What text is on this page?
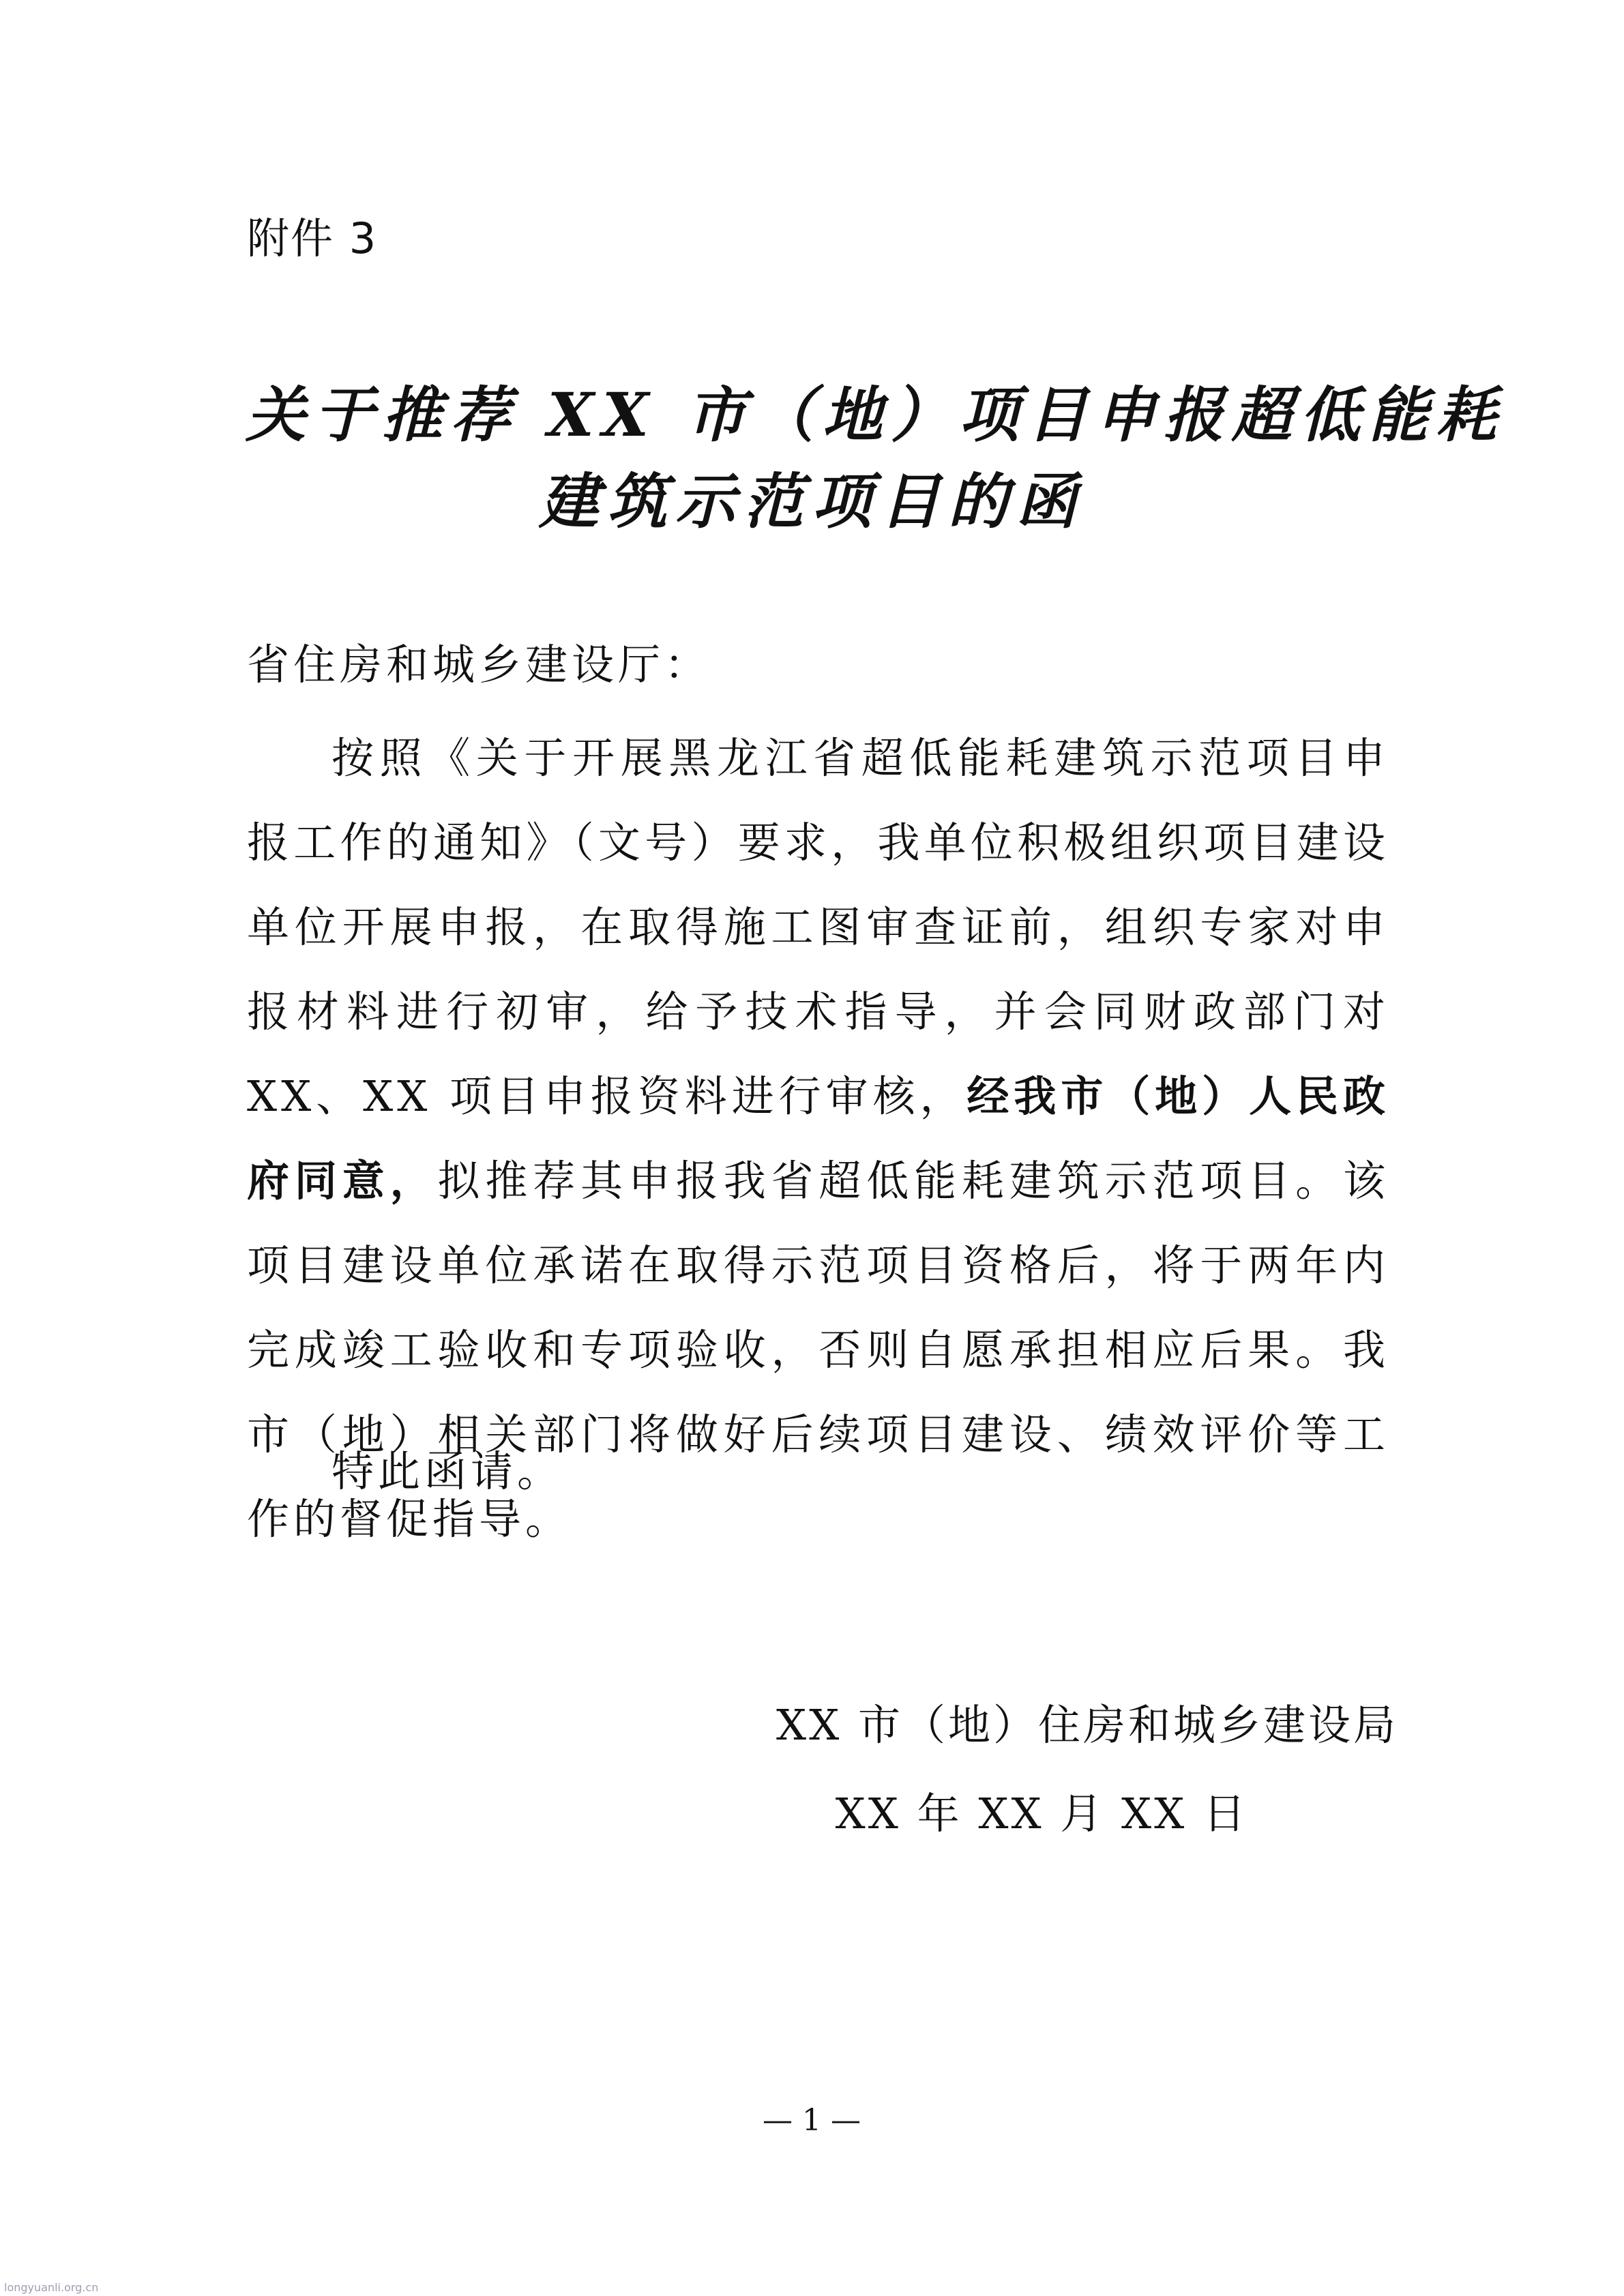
附件 3
关于推荐 XX 市（地）项目申报超低能耗
建筑示范项目的函
省住房和城乡建设厅：

按照《关于开展黑龙江省超低能耗建筑示范项目申报工作的通知》（文号）要求，我单位积极组织项目建设单位开展申报，在取得施工图审查证前，组织专家对申报材料进行初审，给予技术指导，并会同财政部门对 XX、XX 项目申报资料进行审核，经我市（地）人民政府同意，拟推荐其申报我省超低能耗建筑示范项目。该项目建设单位承诺在取得示范项目资格后，将于两年内完成竣工验收和专项验收，否则自愿承担相应后果。我市（地）相关部门将做好后续项目建设、绩效评价等工作的督促指导。

特此函请。
XX 市（地）住房和城乡建设局
XX 年 XX 月 XX 日
— 1 —
longyuanli.org.cn
